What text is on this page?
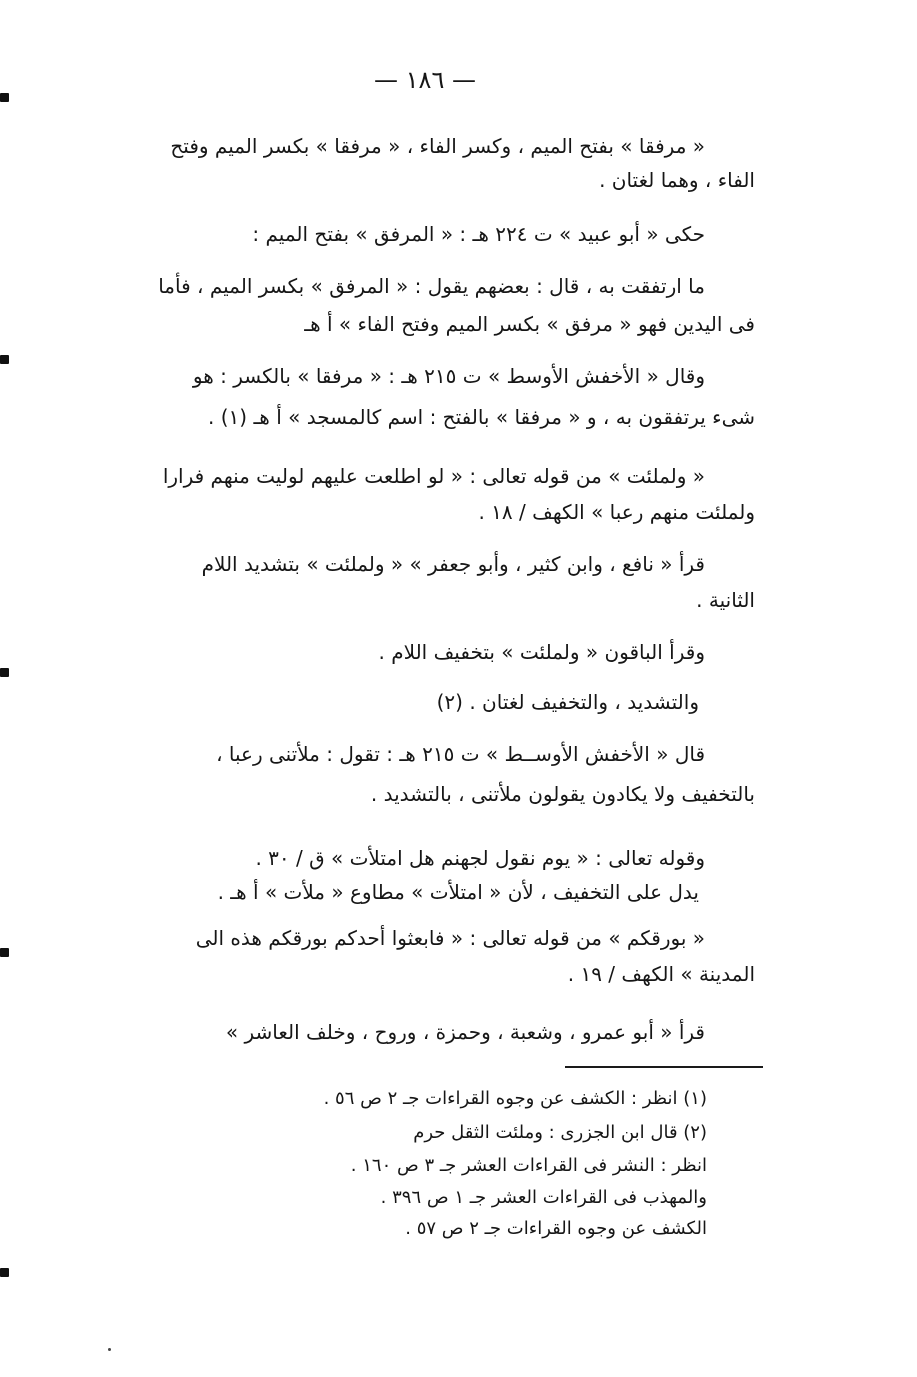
— ١٨٦ —
« مرفقا » بفتح الميم ، وكسر الفاء ، « مرفقا » بكسر الميم وفتح
الفاء ، وهما لغتان .
حكى « أبو عبيد » ت ٢٢٤ هـ : « المرفق » بفتح الميم :
ما ارتفقت به ، قال : بعضهم يقول : « المرفق » بكسر الميم ، فأما
فى اليدين فهو « مرفق » بكسر الميم وفتح الفاء » أ هـ
وقال « الأخفش الأوسط » ت ٢١٥ هـ : « مرفقا » بالكسر : هو
شىء يرتفقون به ، و « مرفقا » بالفتح : اسم كالمسجد » أ هـ (١) .
« ولملئت » من قوله تعالى : « لو اطلعت عليهم لوليت منهم فرارا
ولملئت منهم رعبا » الكهف / ١٨ .
قرأ « نافع ، وابن كثير ، وأبو جعفر » « ولملئت » بتشديد اللام
الثانية .
وقرأ الباقون « ولملئت » بتخفيف اللام .
والتشديد ، والتخفيف لغتان . (٢)
قال « الأخفش الأوســط » ت ٢١٥ هـ : تقول : ملأتنى رعبا ،
بالتخفيف ولا يكادون يقولون ملأتنى ، بالتشديد .
وقوله تعالى : « يوم نقول لجهنم هل امتلأت » ق / ٣٠ .
يدل على التخفيف ، لأن « امتلأت » مطاوع « ملأت » أ هـ .
« بورقكم » من قوله تعالى : « فابعثوا أحدكم بورقكم هذه الى
المدينة » الكهف / ١٩ .
قرأ « أبو عمرو ، وشعبة ، وحمزة ، وروح ، وخلف العاشر »
(١) انظر : الكشف عن وجوه القراءات جـ ٢ ص ٥٦ .
(٢) قال ابن الجزرى : وملئت الثقل حرم
انظر : النشر فى القراءات العشر جـ ٣ ص ١٦٠ .
والمهذب فى القراءات العشر جـ ١ ص ٣٩٦ .
الكشف عن وجوه القراءات جـ ٢ ص ٥٧ .
